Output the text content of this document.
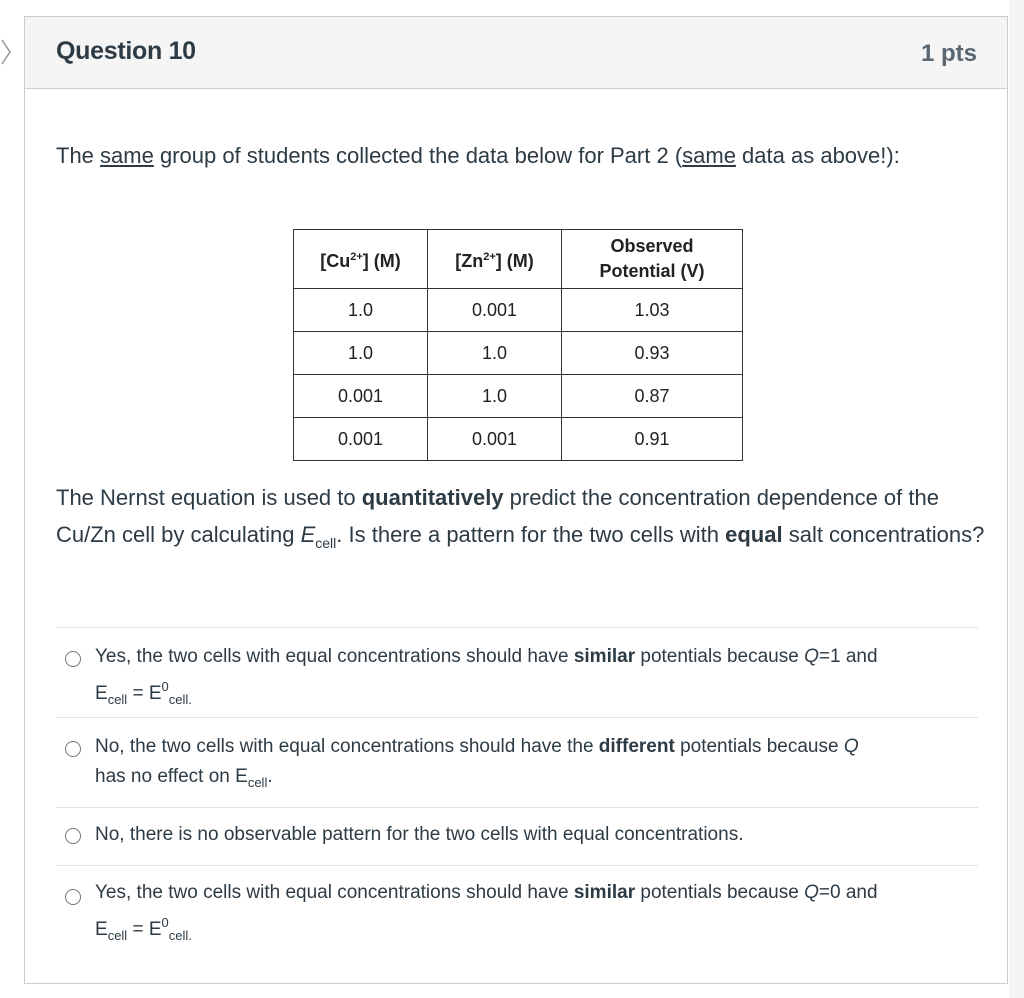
Question 10	1 pts
The same group of students collected the data below for Part 2 (same data as above!):
$[Cu^{2+}]$ (M)	$[Zn^{2+}]$ (M)	Observed
Potential (V)
1.0	0.001	1.03
1.0	1.0	0.93
0.001	1.0	0.87
0.001	0.001	0.91
The Nernst equation is used to quantitatively predict the concentration dependence of the Cu/Zn cell by calculating $E_{cell}$. Is there a pattern for the two cells with equal salt concentrations?
Yes, the two cells with equal concentrations should have similar potentials because Q=1 and
$E_{cell} = E^0_{cell.}$
No, the two cells with equal concentrations should have the different potentials because Q
has no effect on $E_{cell}$.
No, there is no observable pattern for the two cells with equal concentrations.
Yes, the two cells with equal concentrations should have similar potentials because Q=0 and
$E_{cell} = E^0_{cell.}$
